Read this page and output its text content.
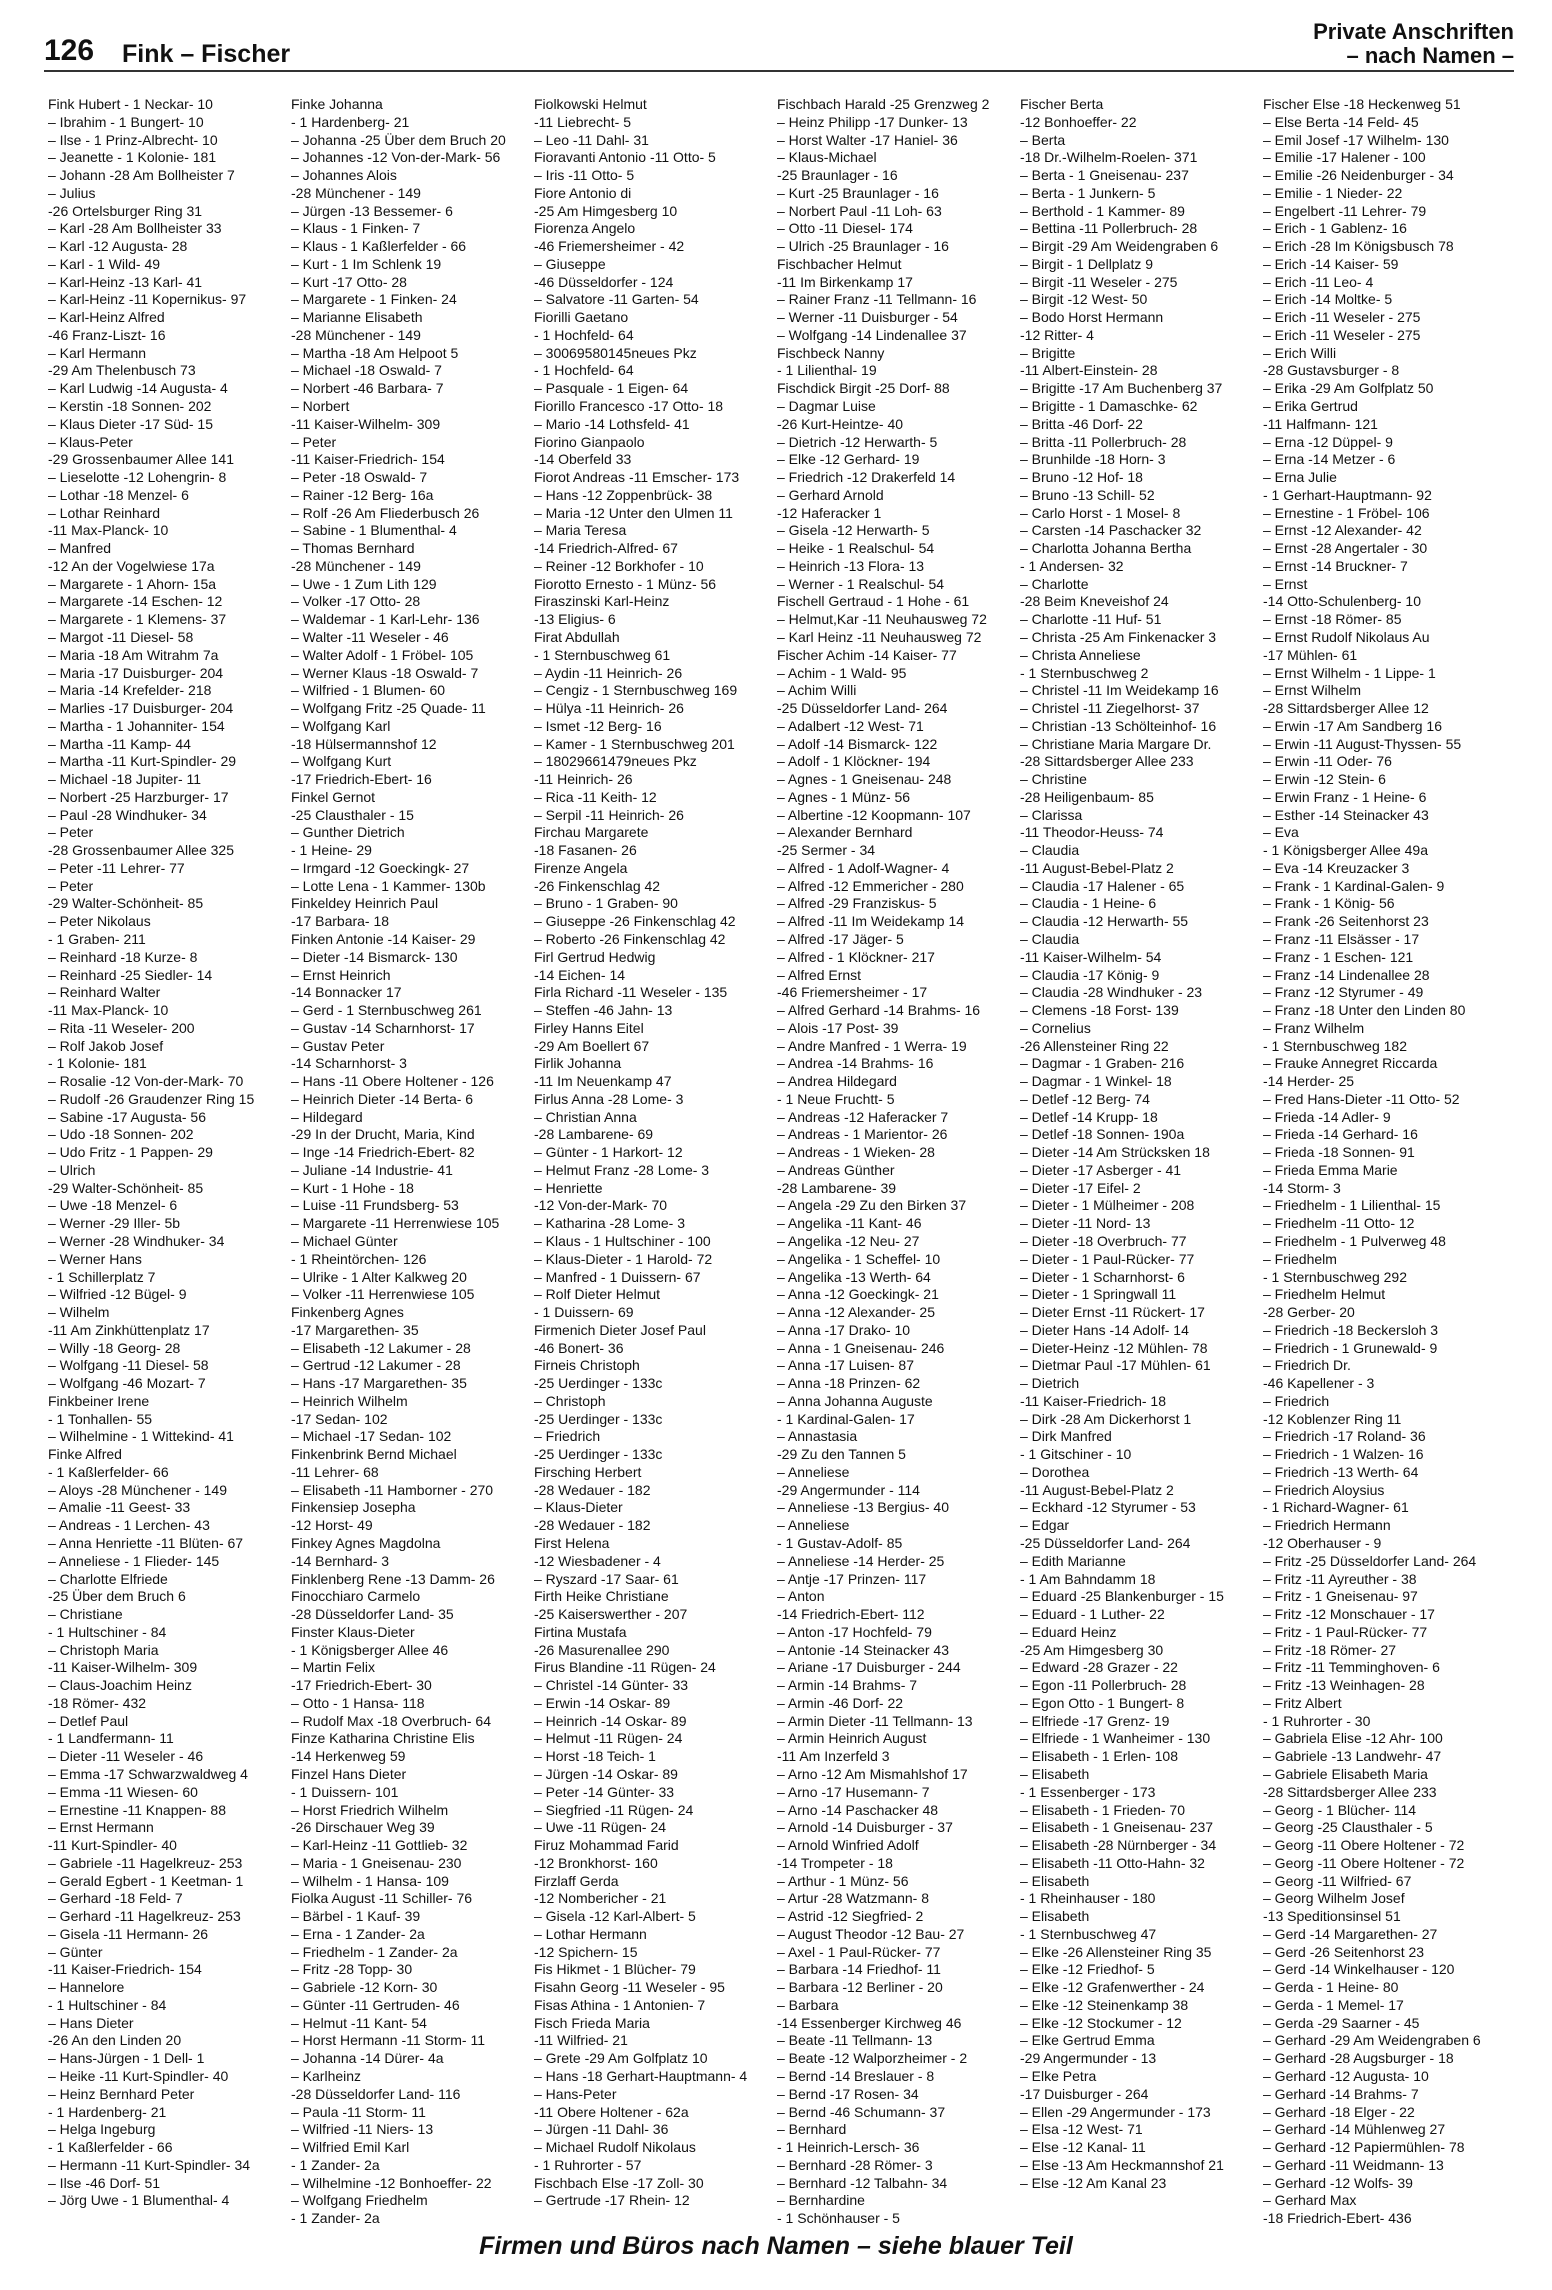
126 Fink – Fischer
Private Anschriften
– nach Namen –
Fink Hubert - 1 Neckar- 10
– Ibrahim - 1 Bungert- 10
– Ilse - 1 Prinz-Albrecht- 10
– Jeanette - 1 Kolonie- 181
– Johann -28 Am Bollheister 7
– Julius
-26 Ortelsburger Ring 31
– Karl -28 Am Bollheister 33
– Karl -12 Augusta- 28
– Karl - 1 Wild- 49
– Karl-Heinz -13 Karl- 41
– Karl-Heinz -11 Kopernikus- 97
– Karl-Heinz Alfred
-46 Franz-Liszt- 16
– Karl Hermann
-29 Am Thelenbusch 73
– Karl Ludwig -14 Augusta- 4
– Kerstin -18 Sonnen- 202
– Klaus Dieter -17 Süd- 15
– Klaus-Peter
-29 Grossenbaumer Allee 141
– Lieselotte -12 Lohengrin- 8
– Lothar -18 Menzel- 6
– Lothar Reinhard
-11 Max-Planck- 10
– Manfred
-12 An der Vogelwiese 17a
– Margarete - 1 Ahorn- 15a
– Margarete -14 Eschen- 12
– Margarete - 1 Klemens- 37
– Margot -11 Diesel- 58
– Maria -18 Am Witrahm 7a
– Maria -17 Duisburger- 204
– Maria -14 Krefelder- 218
– Marlies -17 Duisburger- 204
– Martha - 1 Johanniter- 154
– Martha -11 Kamp- 44
– Martha -11 Kurt-Spindler- 29
– Michael -18 Jupiter- 11
– Norbert -25 Harzburger- 17
– Paul -28 Windhuker- 34
– Peter
-28 Grossenbaumer Allee 325
– Peter -11 Lehrer- 77
– Peter
-29 Walter-Schönheit- 85
– Peter Nikolaus
- 1 Graben- 211
– Reinhard -18 Kurze- 8
– Reinhard -25 Siedler- 14
– Reinhard Walter
-11 Max-Planck- 10
– Rita -11 Weseler- 200
– Rolf Jakob Josef
- 1 Kolonie- 181
– Rosalie -12 Von-der-Mark- 70
– Rudolf -26 Graudenzer Ring 15
– Sabine -17 Augusta- 56
– Udo -18 Sonnen- 202
– Udo Fritz - 1 Pappen- 29
– Ulrich
-29 Walter-Schönheit- 85
– Uwe -18 Menzel- 6
– Werner -29 Iller- 5b
– Werner -28 Windhuker- 34
– Werner Hans
- 1 Schillerplatz 7
– Wilfried -12 Bügel- 9
– Wilhelm
-11 Am Zinkhüttenplatz 17
– Willy -18 Georg- 28
– Wolfgang -11 Diesel- 58
– Wolfgang -46 Mozart- 7
Finkbeiner Irene
- 1 Tonhallen- 55
– Wilhelmine - 1 Wittekind- 41
Finke Alfred
- 1 Kaßlerfelder- 66
– Aloys -28 Münchener - 149
– Amalie -11 Geest- 33
– Andreas - 1 Lerchen- 43
– Anna Henriette -11 Blüten- 67
– Anneliese - 1 Flieder- 145
– Charlotte Elfriede
-25 Über dem Bruch 6
– Christiane
- 1 Hultschiner - 84
– Christoph Maria
-11 Kaiser-Wilhelm- 309
– Claus-Joachim Heinz
-18 Römer- 432
– Detlef Paul
- 1 Landfermann- 11
– Dieter -11 Weseler - 46
– Emma -17 Schwarzwaldweg 4
– Emma -11 Wiesen- 60
– Ernestine -11 Knappen- 88
– Ernst Hermann
-11 Kurt-Spindler- 40
– Gabriele -11 Hagelkreuz- 253
– Gerald Egbert - 1 Keetman- 1
– Gerhard -18 Feld- 7
– Gerhard -11 Hagelkreuz- 253
– Gisela -11 Hermann- 26
– Günter
-11 Kaiser-Friedrich- 154
– Hannelore
- 1 Hultschiner - 84
– Hans Dieter
-26 An den Linden 20
– Hans-Jürgen - 1 Dell- 1
– Heike -11 Kurt-Spindler- 40
– Heinz Bernhard Peter
- 1 Hardenberg- 21
– Helga Ingeburg
- 1 Kaßlerfelder - 66
– Hermann -11 Kurt-Spindler- 34
– Ilse -46 Dorf- 51
– Jörg Uwe - 1 Blumenthal- 4
Finke Johanna
- 1 Hardenberg- 21
– Johanna -25 Über dem Bruch 20
– Johannes -12 Von-der-Mark- 56
– Johannes Alois
-28 Münchener - 149
– Jürgen -13 Bessemer- 6
– Klaus - 1 Finken- 7
– Klaus - 1 Kaßlerfelder - 66
– Kurt - 1 Im Schlenk 19
– Kurt -17 Otto- 28
– Margarete - 1 Finken- 24
– Marianne Elisabeth
-28 Münchener - 149
– Martha -18 Am Helpoot 5
– Michael -18 Oswald- 7
– Norbert -46 Barbara- 7
– Norbert
-11 Kaiser-Wilhelm- 309
– Peter
-11 Kaiser-Friedrich- 154
– Peter -18 Oswald- 7
– Rainer -12 Berg- 16a
– Rolf -26 Am Fliederbusch 26
– Sabine - 1 Blumenthal- 4
– Thomas Bernhard
-28 Münchener - 149
– Uwe - 1 Zum Lith 129
– Volker -17 Otto- 28
– Waldemar - 1 Karl-Lehr- 136
– Walter -11 Weseler - 46
– Walter Adolf - 1 Fröbel- 105
– Werner Klaus -18 Oswald- 7
– Wilfried - 1 Blumen- 60
– Wolfgang Fritz -25 Quade- 11
– Wolfgang Karl
-18 Hülsermannshof 12
– Wolfgang Kurt
-17 Friedrich-Ebert- 16
Finkel Gernot
-25 Clausthaler - 15
– Gunther Dietrich
- 1 Heine- 29
– Irmgard -12 Goeckingk- 27
– Lotte Lena - 1 Kammer- 130b
Finkeldey Heinrich Paul
-17 Barbara- 18
Finken Antonie -14 Kaiser- 29
– Dieter -14 Bismarck- 130
– Ernst Heinrich
-14 Bonnacker 17
– Gerd - 1 Sternbuschweg 261
– Gustav -14 Scharnhorst- 17
– Gustav Peter
-14 Scharnhorst- 3
– Hans -11 Obere Holtener - 126
– Heinrich Dieter -14 Berta- 6
– Hildegard
-29 In der Drucht, Maria, Kind
– Inge -14 Friedrich-Ebert- 82
– Juliane -14 Industrie- 41
– Kurt - 1 Hohe - 18
– Luise -11 Frundsberg- 53
– Margarete -11 Herrenwiese 105
– Michael Günter
- 1 Rheintörchen- 126
– Ulrike - 1 Alter Kalkweg 20
– Volker -11 Herrenwiese 105
Finkenberg Agnes
-17 Margarethen- 35
– Elisabeth -12 Lakumer - 28
– Gertrud -12 Lakumer - 28
– Hans -17 Margarethen- 35
– Heinrich Wilhelm
-17 Sedan- 102
– Michael -17 Sedan- 102
Finkenbrink Bernd Michael
-11 Lehrer- 68
– Elisabeth -11 Hamborner - 270
Finkensiep Josepha
-12 Horst- 49
Finkey Agnes Magdolna
-14 Bernhard- 3
Finklenberg Rene -13 Damm- 26
Finocchiaro Carmelo
-28 Düsseldorfer Land- 35
Finster Klaus-Dieter
- 1 Königsberger Allee 46
– Martin Felix
-17 Friedrich-Ebert- 30
– Otto - 1 Hansa- 118
– Rudolf Max -18 Overbruch- 64
Finze Katharina Christine Elis
-14 Herkenweg 59
Finzel Hans Dieter
- 1 Duissern- 101
– Horst Friedrich Wilhelm
-26 Dirschauer Weg 39
– Karl-Heinz -11 Gottlieb- 32
– Maria - 1 Gneisenau- 230
– Wilhelm - 1 Hansa- 109
Fiolka August -11 Schiller- 76
– Bärbel - 1 Kauf- 39
– Erna - 1 Zander- 2a
– Friedhelm - 1 Zander- 2a
– Fritz -28 Topp- 30
– Gabriele -12 Korn- 30
– Günter -11 Gertruden- 46
– Helmut -11 Kant- 54
– Horst Hermann -11 Storm- 11
– Johanna -14 Dürer- 4a
– Karlheinz
-28 Düsseldorfer Land- 116
– Paula -11 Storm- 11
– Wilfried -11 Niers- 13
– Wilfried Emil Karl
- 1 Zander- 2a
– Wilhelmine -12 Bonhoeffer- 22
– Wolfgang Friedhelm
- 1 Zander- 2a
Fiolkowski Helmut
-11 Liebrecht- 5
– Leo -11 Dahl- 31
Fioravanti Antonio -11 Otto- 5
– Iris -11 Otto- 5
Fiore Antonio di
-25 Am Himgesberg 10
Fiorenza Angelo
-46 Friemersheimer - 42
– Giuseppe
-46 Düsseldorfer - 124
– Salvatore -11 Garten- 54
Fiorilli Gaetano
- 1 Hochfeld- 64
– 30069580145neues Pkz
- 1 Hochfeld- 64
– Pasquale - 1 Eigen- 64
Fiorillo Francesco -17 Otto- 18
– Mario -14 Lothsfeld- 41
Fiorino Gianpaolo
-14 Oberfeld 33
Fiorot Andreas -11 Emscher- 173
– Hans -12 Zoppenbrück- 38
– Maria -12 Unter den Ulmen 11
– Maria Teresa
-14 Friedrich-Alfred- 67
– Reiner -12 Borkhofer - 10
Fiorotto Ernesto - 1 Münz- 56
Firaszinski Karl-Heinz
-13 Eligius- 6
Firat Abdullah
- 1 Sternbuschweg 61
– Aydin -11 Heinrich- 26
– Cengiz - 1 Sternbuschweg 169
– Hülya -11 Heinrich- 26
– Ismet -12 Berg- 16
– Kamer - 1 Sternbuschweg 201
– 18029661479neues Pkz
-11 Heinrich- 26
– Rica -11 Keith- 12
– Serpil -11 Heinrich- 26
Firchau Margarete
-18 Fasanen- 26
Firenze Angela
-26 Finkenschlag 42
– Bruno - 1 Graben- 90
– Giuseppe -26 Finkenschlag 42
– Roberto -26 Finkenschlag 42
Firl Gertrud Hedwig
-14 Eichen- 14
Firla Richard -11 Weseler - 135
– Steffen -46 Jahn- 13
Firley Hanns Eitel
-29 Am Boellert 67
Firlik Johanna
-11 Im Neuenkamp 47
Firlus Anna -28 Lome- 3
– Christian Anna
-28 Lambarene- 69
– Günter - 1 Harkort- 12
– Helmut Franz -28 Lome- 3
– Henriette
-12 Von-der-Mark- 70
– Katharina -28 Lome- 3
– Klaus - 1 Hultschiner - 100
– Klaus-Dieter - 1 Harold- 72
– Manfred - 1 Duissern- 67
– Rolf Dieter Helmut
- 1 Duissern- 69
Firmenich Dieter Josef Paul
-46 Bonert- 36
Firneis Christoph
-25 Uerdinger - 133c
– Christoph
-25 Uerdinger - 133c
– Friedrich
-25 Uerdinger - 133c
Firsching Herbert
-28 Wedauer - 182
– Klaus-Dieter
-28 Wedauer - 182
First Helena
-12 Wiesbadener - 4
– Ryszard -17 Saar- 61
Firth Heike Christiane
-25 Kaiserswerther - 207
Firtina Mustafa
-26 Masurenallee 290
Firus Blandine -11 Rügen- 24
– Christel -14 Günter- 33
– Erwin -14 Oskar- 89
– Heinrich -14 Oskar- 89
– Helmut -11 Rügen- 24
– Horst -18 Teich- 1
– Jürgen -14 Oskar- 89
– Peter -14 Günter- 33
– Siegfried -11 Rügen- 24
– Uwe -11 Rügen- 24
Firuz Mohammad Farid
-12 Bronkhorst- 160
Firzlaff Gerda
-12 Nombericher - 21
– Gisela -12 Karl-Albert- 5
– Lothar Hermann
-12 Spichern- 15
Fis Hikmet - 1 Blücher- 79
Fisahn Georg -11 Weseler - 95
Fisas Athina - 1 Antonien- 7
Fisch Frieda Maria
-11 Wilfried- 21
– Grete -29 Am Golfplatz 10
– Hans -18 Gerhart-Hauptmann- 4
– Hans-Peter
-11 Obere Holtener - 62a
– Jürgen -11 Dahl- 36
– Michael Rudolf Nikolaus
- 1 Ruhrorter - 57
Fischbach Else -17 Zoll- 30
– Gertrude -17 Rhein- 12
Fischbach Harald -25 Grenzweg 2
– Heinz Philipp -17 Dunker- 13
– Horst Walter -17 Haniel- 36
– Klaus-Michael
-25 Braunlager - 16
– Kurt -25 Braunlager - 16
– Norbert Paul -11 Loh- 63
– Otto -11 Diesel- 174
– Ulrich -25 Braunlager - 16
Fischbacher Helmut
-11 Im Birkenkamp 17
– Rainer Franz -11 Tellmann- 16
– Werner -11 Duisburger - 54
– Wolfgang -14 Lindenallee 37
Fischbeck Nanny
- 1 Lilienthal- 19
Fischdick Birgit -25 Dorf- 88
– Dagmar Luise
-26 Kurt-Heintze- 40
– Dietrich -12 Herwarth- 5
– Elke -12 Gerhard- 19
– Friedrich -12 Drakerfeld 14
– Gerhard Arnold
-12 Haferacker 1
– Gisela -12 Herwarth- 5
– Heike - 1 Realschul- 54
– Heinrich -13 Flora- 13
– Werner - 1 Realschul- 54
Fischell Gertraud - 1 Hohe - 61
– Helmut,Kar -11 Neuhausweg 72
– Karl Heinz -11 Neuhausweg 72
Fischer Achim -14 Kaiser- 77
– Achim - 1 Wald- 95
– Achim Willi
-25 Düsseldorfer Land- 264
– Adalbert -12 West- 71
– Adolf -14 Bismarck- 122
– Adolf - 1 Klöckner- 194
– Agnes - 1 Gneisenau- 248
– Agnes - 1 Münz- 56
– Albertine -12 Koopmann- 107
– Alexander Bernhard
-25 Sermer - 34
– Alfred - 1 Adolf-Wagner- 4
– Alfred -12 Emmericher - 280
– Alfred -29 Franziskus- 5
– Alfred -11 Im Weidekamp 14
– Alfred -17 Jäger- 5
– Alfred - 1 Klöckner- 217
– Alfred Ernst
-46 Friemersheimer - 17
– Alfred Gerhard -14 Brahms- 16
– Alois -17 Post- 39
– Andre Manfred - 1 Werra- 19
– Andrea -14 Brahms- 16
– Andrea Hildegard
- 1 Neue Fruchtt- 5
– Andreas -12 Haferacker 7
– Andreas - 1 Marientor- 26
– Andreas - 1 Wieken- 28
– Andreas Günther
-28 Lambarene- 39
– Angela -29 Zu den Birken 37
– Angelika -11 Kant- 46
– Angelika -12 Neu- 27
– Angelika - 1 Scheffel- 10
– Angelika -13 Werth- 64
– Anna -12 Goeckingk- 21
– Anna -12 Alexander- 25
– Anna -17 Drako- 10
– Anna - 1 Gneisenau- 246
– Anna -17 Luisen- 87
– Anna -18 Prinzen- 62
– Anna Johanna Auguste
- 1 Kardinal-Galen- 17
– Annastasia
-29 Zu den Tannen 5
– Anneliese
-29 Angermunder - 114
– Anneliese -13 Bergius- 40
– Anneliese
- 1 Gustav-Adolf- 85
– Anneliese -14 Herder- 25
– Antje -17 Prinzen- 117
– Anton
-14 Friedrich-Ebert- 112
– Anton -17 Hochfeld- 79
– Antonie -14 Steinacker 43
– Ariane -17 Duisburger - 244
– Armin -14 Brahms- 7
– Armin -46 Dorf- 22
– Armin Dieter -11 Tellmann- 13
– Armin Heinrich August
-11 Am Inzerfeld 3
– Arno -12 Am Mismahlshof 17
– Arno -17 Husemann- 7
– Arno -14 Paschacker 48
– Arnold -14 Duisburger - 37
– Arnold Winfried Adolf
-14 Trompeter - 18
– Arthur - 1 Münz- 56
– Artur -28 Watzmann- 8
– Astrid -12 Siegfried- 2
– August Theodor -12 Bau- 27
– Axel - 1 Paul-Rücker- 77
– Barbara -14 Friedhof- 11
– Barbara -12 Berliner - 20
– Barbara
-14 Essenberger Kirchweg 46
– Beate -11 Tellmann- 13
– Beate -12 Walporzheimer - 2
– Bernd -14 Breslauer - 8
– Bernd -17 Rosen- 34
– Bernd -46 Schumann- 37
– Bernhard
- 1 Heinrich-Lersch- 36
– Bernhard -28 Römer- 3
– Bernhard -12 Talbahn- 34
– Bernhardine
- 1 Schönhauser - 5
Fischer Berta
-12 Bonhoeffer- 22
– Berta
-18 Dr.-Wilhelm-Roelen- 371
– Berta - 1 Gneisenau- 237
– Berta - 1 Junkern- 5
– Berthold - 1 Kammer- 89
– Bettina -11 Pollerbruch- 28
– Birgit -29 Am Weidengraben 6
– Birgit - 1 Dellplatz 9
– Birgit -11 Weseler - 275
– Birgit -12 West- 50
– Bodo Horst Hermann
-12 Ritter- 4
– Brigitte
-11 Albert-Einstein- 28
– Brigitte -17 Am Buchenberg 37
– Brigitte - 1 Damaschke- 62
– Britta -46 Dorf- 22
– Britta -11 Pollerbruch- 28
– Brunhilde -18 Horn- 3
– Bruno -12 Hof- 18
– Bruno -13 Schill- 52
– Carlo Horst - 1 Mosel- 8
– Carsten -14 Paschacker 32
– Charlotta Johanna Bertha
- 1 Andersen- 32
– Charlotte
-28 Beim Kneveishof 24
– Charlotte -11 Huf- 51
– Christa -25 Am Finkenacker 3
– Christa Anneliese
- 1 Sternbuschweg 2
– Christel -11 Im Weidekamp 16
– Christel -11 Ziegelhorst- 37
– Christian -13 Schölteinhof- 16
– Christiane Maria Margare Dr.
-28 Sittardsberger Allee 233
– Christine
-28 Heiligenbaum- 85
– Clarissa
-11 Theodor-Heuss- 74
– Claudia
-11 August-Bebel-Platz 2
– Claudia -17 Halener - 65
– Claudia - 1 Heine- 6
– Claudia -12 Herwarth- 55
– Claudia
-11 Kaiser-Wilhelm- 54
– Claudia -17 König- 9
– Claudia -28 Windhuker - 23
– Clemens -18 Forst- 139
– Cornelius
-26 Allensteiner Ring 22
– Dagmar - 1 Graben- 216
– Dagmar - 1 Winkel- 18
– Detlef -12 Berg- 74
– Detlef -14 Krupp- 18
– Detlef -18 Sonnen- 190a
– Dieter -14 Am Strücksken 18
– Dieter -17 Asberger - 41
– Dieter -17 Eifel- 2
– Dieter - 1 Mülheimer - 208
– Dieter -11 Nord- 13
– Dieter -18 Overbruch- 77
– Dieter - 1 Paul-Rücker- 77
– Dieter - 1 Scharnhorst- 6
– Dieter - 1 Springwall 11
– Dieter Ernst -11 Rückert- 17
– Dieter Hans -14 Adolf- 14
– Dieter-Heinz -12 Mühlen- 78
– Dietmar Paul -17 Mühlen- 61
– Dietrich
-11 Kaiser-Friedrich- 18
– Dirk -28 Am Dickerhorst 1
– Dirk Manfred
- 1 Gitschiner - 10
– Dorothea
-11 August-Bebel-Platz 2
– Eckhard -12 Styrumer - 53
– Edgar
-25 Düsseldorfer Land- 264
– Edith Marianne
- 1 Am Bahndamm 18
– Eduard -25 Blankenburger - 15
– Eduard - 1 Luther- 22
– Eduard Heinz
-25 Am Himgesberg 30
– Edward -28 Grazer - 22
– Egon -11 Pollerbruch- 28
– Egon Otto - 1 Bungert- 8
– Elfriede -17 Grenz- 19
– Elfriede - 1 Wanheimer - 130
– Elisabeth - 1 Erlen- 108
– Elisabeth
- 1 Essenberger - 173
– Elisabeth - 1 Frieden- 70
– Elisabeth - 1 Gneisenau- 237
– Elisabeth -28 Nürnberger - 34
– Elisabeth -11 Otto-Hahn- 32
– Elisabeth
- 1 Rheinhauser - 180
– Elisabeth
- 1 Sternbuschweg 47
– Elke -26 Allensteiner Ring 35
– Elke -12 Friedhof- 5
– Elke -12 Grafenwerther - 24
– Elke -12 Steinenkamp 38
– Elke -12 Stockumer - 12
– Elke Gertrud Emma
-29 Angermunder - 13
– Elke Petra
-17 Duisburger - 264
– Ellen -29 Angermunder - 173
– Elsa -12 West- 71
– Else -12 Kanal- 11
– Else -13 Am Heckmannshof 21
– Else -12 Am Kanal 23
Fischer Else -18 Heckenweg 51
– Else Berta -14 Feld- 45
– Emil Josef -17 Wilhelm- 130
– Emilie -17 Halener - 100
– Emilie -26 Neidenburger - 34
– Emilie - 1 Nieder- 22
– Engelbert -11 Lehrer- 79
– Erich - 1 Gablenz- 16
– Erich -28 Im Königsbusch 78
– Erich -14 Kaiser- 59
– Erich -11 Leo- 4
– Erich -14 Moltke- 5
– Erich -11 Weseler - 275
– Erich -11 Weseler - 275
– Erich Willi
-28 Gustavsburger - 8
– Erika -29 Am Golfplatz 50
– Erika Gertrud
-11 Halfmann- 121
– Erna -12 Düppel- 9
– Erna -14 Metzer - 6
– Erna Julie
- 1 Gerhart-Hauptmann- 92
– Ernestine - 1 Fröbel- 106
– Ernst -12 Alexander- 42
– Ernst -28 Angertaler - 30
– Ernst -14 Bruckner- 7
– Ernst
-14 Otto-Schulenberg- 10
– Ernst -18 Römer- 85
– Ernst Rudolf Nikolaus Au
-17 Mühlen- 61
– Ernst Wilhelm - 1 Lippe- 1
– Ernst Wilhelm
-28 Sittardsberger Allee 12
– Erwin -17 Am Sandberg 16
– Erwin -11 August-Thyssen- 55
– Erwin -11 Oder- 76
– Erwin -12 Stein- 6
– Erwin Franz - 1 Heine- 6
– Esther -14 Steinacker 43
– Eva
- 1 Königsberger Allee 49a
– Eva -14 Kreuzacker 3
– Frank - 1 Kardinal-Galen- 9
– Frank - 1 König- 56
– Frank -26 Seitenhorst 23
– Franz -11 Elsässer - 17
– Franz - 1 Eschen- 121
– Franz -14 Lindenallee 28
– Franz -12 Styrumer - 49
– Franz -18 Unter den Linden 80
– Franz Wilhelm
- 1 Sternbuschweg 182
– Frauke Annegret Riccarda
-14 Herder- 25
– Fred Hans-Dieter -11 Otto- 52
– Frieda -14 Adler- 9
– Frieda -14 Gerhard- 16
– Frieda -18 Sonnen- 91
– Frieda Emma Marie
-14 Storm- 3
– Friedhelm - 1 Lilienthal- 15
– Friedhelm -11 Otto- 12
– Friedhelm - 1 Pulverweg 48
– Friedhelm
- 1 Sternbuschweg 292
– Friedhelm Helmut
-28 Gerber- 20
– Friedrich -18 Beckersloh 3
– Friedrich - 1 Grunewald- 9
– Friedrich Dr.
-46 Kapellener - 3
– Friedrich
-12 Koblenzer Ring 11
– Friedrich -17 Roland- 36
– Friedrich - 1 Walzen- 16
– Friedrich -13 Werth- 64
– Friedrich Aloysius
- 1 Richard-Wagner- 61
– Friedrich Hermann
-12 Oberhauser - 9
– Fritz -25 Düsseldorfer Land- 264
– Fritz -11 Ayreuther - 38
– Fritz - 1 Gneisenau- 97
– Fritz -12 Monschauer - 17
– Fritz - 1 Paul-Rücker- 77
– Fritz -18 Römer- 27
– Fritz -11 Temminghoven- 6
– Fritz -13 Weinhagen- 28
– Fritz Albert
- 1 Ruhrorter - 30
– Gabriela Elise -12 Ahr- 100
– Gabriele -13 Landwehr- 47
– Gabriele Elisabeth Maria
-28 Sittardsberger Allee 233
– Georg - 1 Blücher- 114
– Georg -25 Clausthaler - 5
– Georg -11 Obere Holtener - 72
– Georg -11 Obere Holtener - 72
– Georg -11 Wilfried- 67
– Georg Wilhelm Josef
-13 Speditionsinsel 51
– Gerd -14 Margarethen- 27
– Gerd -26 Seitenhorst 23
– Gerd -14 Winkelhauser - 120
– Gerda - 1 Heine- 80
– Gerda - 1 Memel- 17
– Gerda -29 Saarner - 45
– Gerhard -29 Am Weidengraben 6
– Gerhard -28 Augsburger - 18
– Gerhard -12 Augusta- 10
– Gerhard -14 Brahms- 7
– Gerhard -18 Elger - 22
– Gerhard -14 Mühlenweg 27
– Gerhard -12 Papiermühlen- 78
– Gerhard -11 Weidmann- 13
– Gerhard -12 Wolfs- 39
– Gerhard Max
-18 Friedrich-Ebert- 436
Firmen und Büros nach Namen – siehe blauer Teil
